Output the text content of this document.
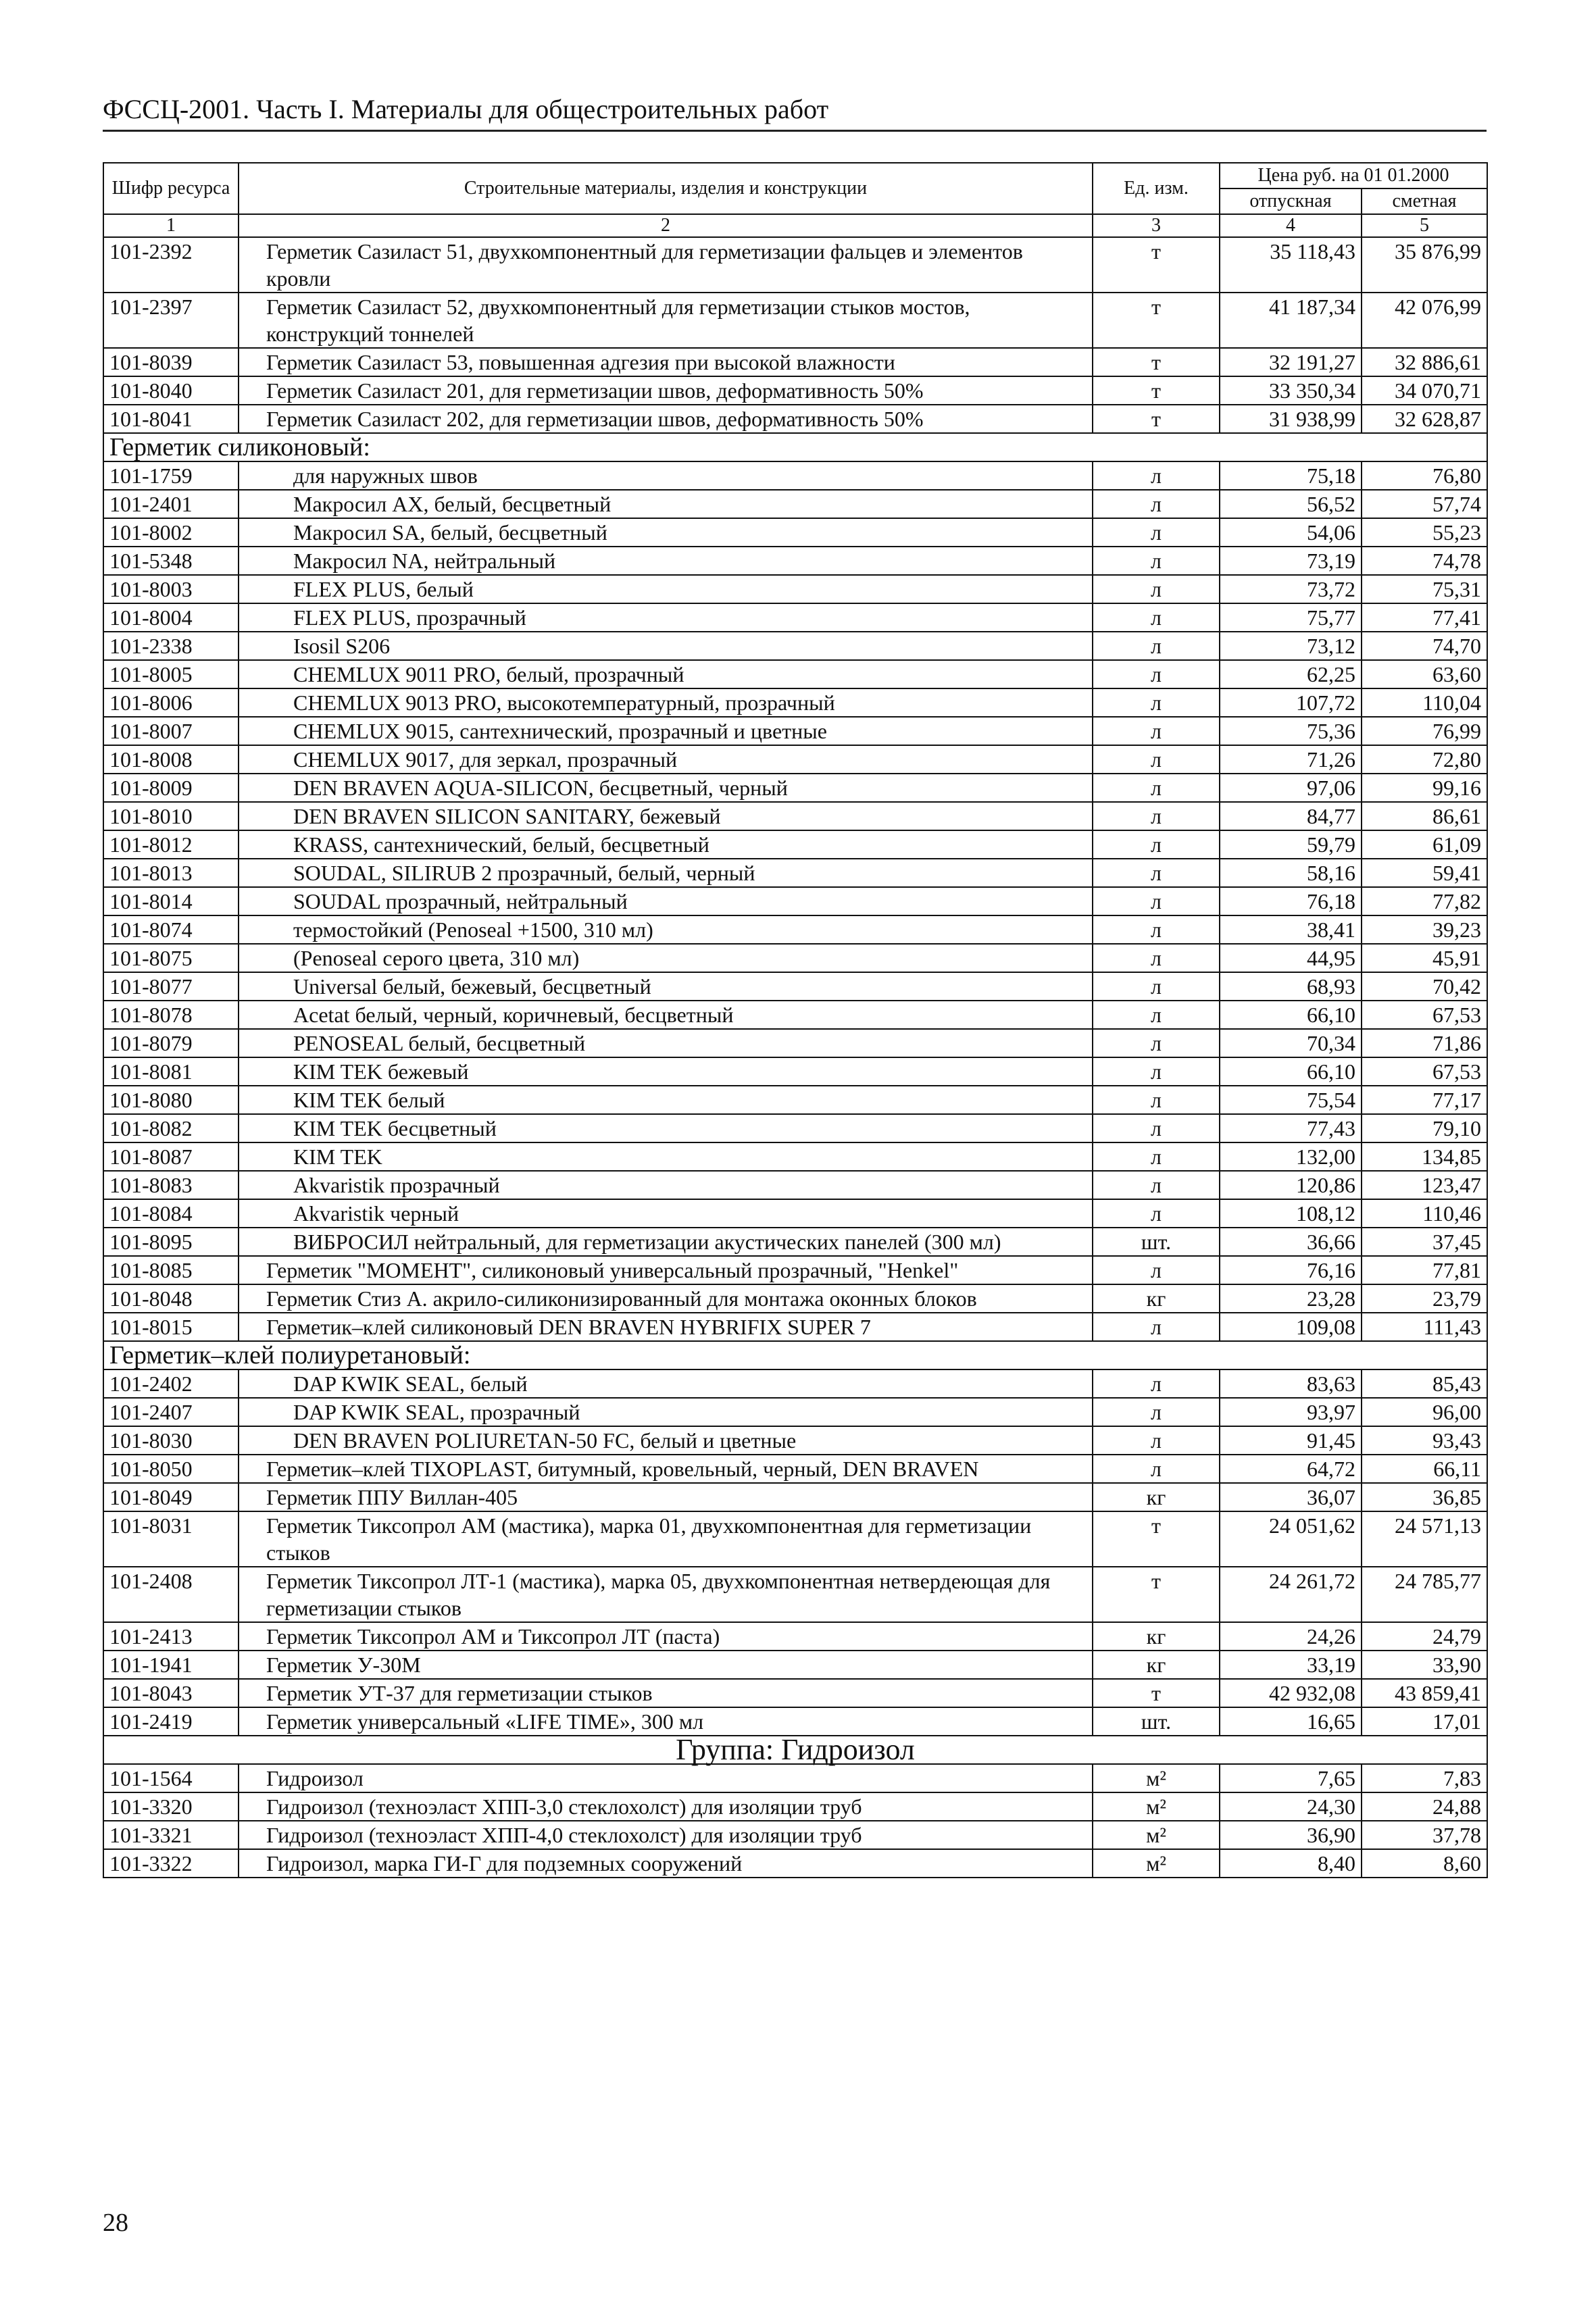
ФССЦ-2001. Часть I. Материалы для общестроительных работ
Шифр ресурса	Строительные материалы, изделия и конструкции	Ед. изм.	Цена руб. на 01 01.2000	
			отпускная	сметная
1	2	3	4	5
101-2392	Герметик Сазиласт 51, двухкомпонентный для герметизации фальцев и элементов кровли	т	35 118,43	35 876,99
101-2397	Герметик Сазиласт 52, двухкомпонентный для герметизации стыков мостов, конструкций тоннелей	т	41 187,34	42 076,99
101-8039	Герметик Сазиласт 53, повышенная адгезия при высокой влажности	т	32 191,27	32 886,61
101-8040	Герметик Сазиласт 201, для герметизации швов, деформативность 50%	т	33 350,34	34 070,71
101-8041	Герметик Сазиласт 202, для герметизации швов, деформативность 50%	т	31 938,99	32 628,87
Герметик силиконовый:				
101-1759	для наружных швов	л	75,18	76,80
101-2401	Макросил АХ, белый, бесцветный	л	56,52	57,74
101-8002	Макросил SA, белый, бесцветный	л	54,06	55,23
101-5348	Макросил NA, нейтральный	л	73,19	74,78
101-8003	FLEX PLUS, белый	л	73,72	75,31
101-8004	FLEX PLUS, прозрачный	л	75,77	77,41
101-2338	Isosil S206	л	73,12	74,70
101-8005	CHEMLUX 9011 PRO, белый, прозрачный	л	62,25	63,60
101-8006	CHEMLUX 9013 PRO, высокотемпературный, прозрачный	л	107,72	110,04
101-8007	CHEMLUX 9015, сантехнический, прозрачный и цветные	л	75,36	76,99
101-8008	CHEMLUX 9017, для зеркал, прозрачный	л	71,26	72,80
101-8009	DEN BRAVEN AQUA-SILICON, бесцветный, черный	л	97,06	99,16
101-8010	DEN BRAVEN SILICON SANITARY, бежевый	л	84,77	86,61
101-8012	KRASS, сантехнический, белый, бесцветный	л	59,79	61,09
101-8013	SOUDAL, SILIRUB 2 прозрачный, белый, черный	л	58,16	59,41
101-8014	SOUDAL прозрачный, нейтральный	л	76,18	77,82
101-8074	термостойкий (Penoseal +1500, 310 мл)	л	38,41	39,23
101-8075	(Penoseal серого цвета, 310 мл)	л	44,95	45,91
101-8077	Universal белый, бежевый, бесцветный	л	68,93	70,42
101-8078	Acetat белый, черный, коричневый, бесцветный	л	66,10	67,53
101-8079	PENOSEAL белый, бесцветный	л	70,34	71,86
101-8081	KIM TEK бежевый	л	66,10	67,53
101-8080	KIM TEK белый	л	75,54	77,17
101-8082	KIM TEK бесцветный	л	77,43	79,10
101-8087	KIM TEK	л	132,00	134,85
101-8083	Akvaristik прозрачный	л	120,86	123,47
101-8084	Akvaristik черный	л	108,12	110,46
101-8095	ВИБРОСИЛ нейтральный, для герметизации акустических панелей (300 мл)	шт.	36,66	37,45
101-8085	Герметик "МОМЕНТ", силиконовый универсальный прозрачный, "Henkel"	л	76,16	77,81
101-8048	Герметик Стиз А. акрило-силиконизированный для монтажа оконных блоков	кг	23,28	23,79
101-8015	Герметик–клей силиконовый DEN BRAVEN HYBRIFIX SUPER 7	л	109,08	111,43
Герметик–клей полиуретановый:				
101-2402	DAP KWIK SEAL, белый	л	83,63	85,43
101-2407	DAP KWIK SEAL, прозрачный	л	93,97	96,00
101-8030	DEN BRAVEN POLIURETAN-50 FC, белый и цветные	л	91,45	93,43
101-8050	Герметик–клей TIXOPLAST, битумный, кровельный, черный, DEN BRAVEN	л	64,72	66,11
101-8049	Герметик ППУ Виллан-405	кг	36,07	36,85
101-8031	Герметик Тиксопрол АМ (мастика), марка 01, двухкомпонентная для герметизации стыков	т	24 051,62	24 571,13
101-2408	Герметик Тиксопрол ЛТ-1 (мастика), марка 05, двухкомпонентная нетвердеющая для герметизации стыков	т	24 261,72	24 785,77
101-2413	Герметик Тиксопрол АМ и Тиксопрол ЛТ (паста)	кг	24,26	24,79
101-1941	Герметик У-30М	кг	33,19	33,90
101-8043	Герметик УТ-37 для герметизации стыков	т	42 932,08	43 859,41
101-2419	Герметик универсальный «LIFE TIME», 300 мл	шт.	16,65	17,01
Группа: Гидроизол				
101-1564	Гидроизол	м²	7,65	7,83
101-3320	Гидроизол (техноэласт ХПП-3,0 стеклохолст) для изоляции труб	м²	24,30	24,88
101-3321	Гидроизол (техноэласт ХПП-4,0 стеклохолст) для изоляции труб	м²	36,90	37,78
101-3322	Гидроизол, марка ГИ-Г для подземных сооружений	м²	8,40	8,60
28
